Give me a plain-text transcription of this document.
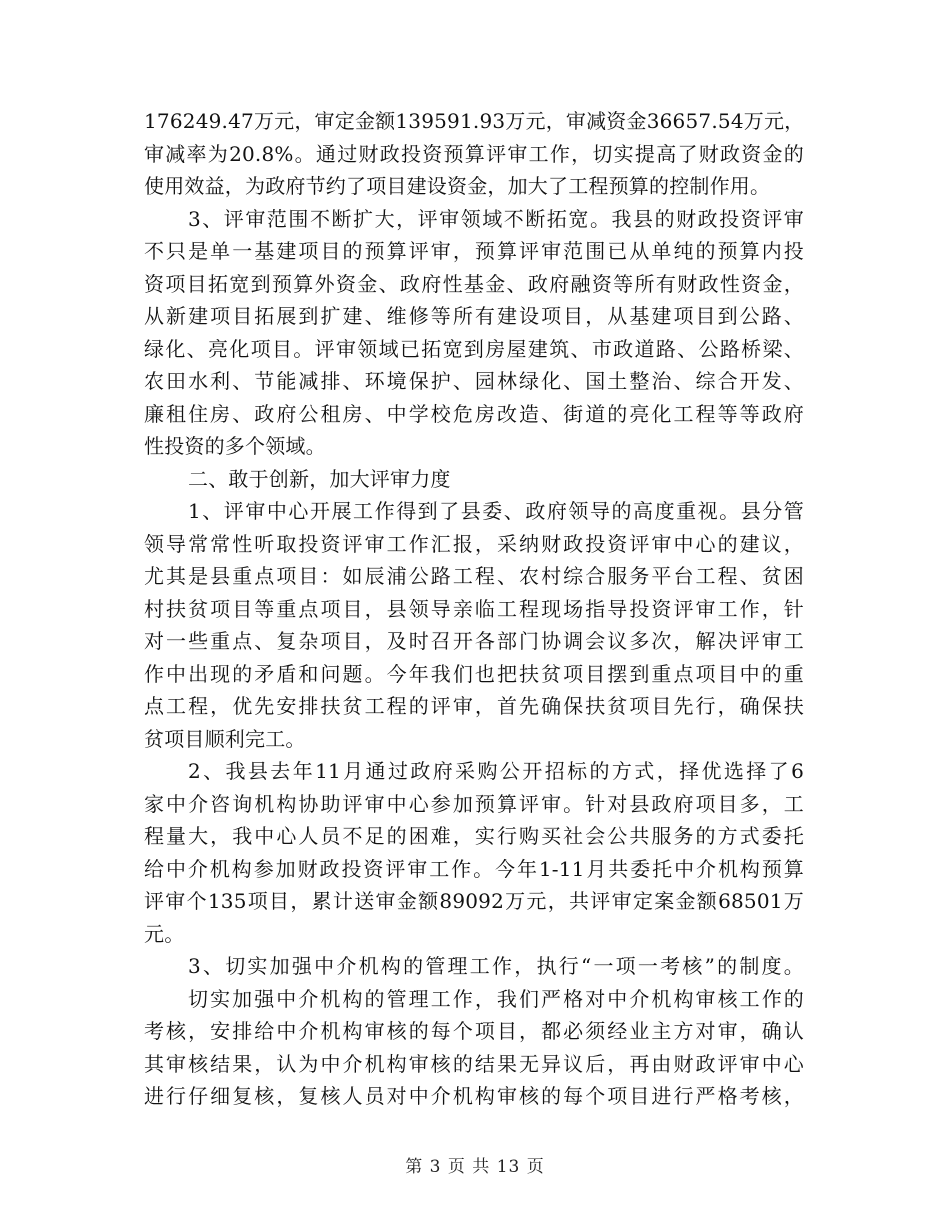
176249.47万元，审定金额139591.93万元，审减资金36657.54万元，
审减率为20.8%。通过财政投资预算评审工作，切实提高了财政资金的
使用效益，为政府节约了项目建设资金，加大了工程预算的控制作用。
3、评审范围不断扩大，评审领域不断拓宽。我县的财政投资评审
不只是单一基建项目的预算评审，预算评审范围已从单纯的预算内投
资项目拓宽到预算外资金、政府性基金、政府融资等所有财政性资金，
从新建项目拓展到扩建、维修等所有建设项目，从基建项目到公路、
绿化、亮化项目。评审领域已拓宽到房屋建筑、市政道路、公路桥梁、
农田水利、节能减排、环境保护、园林绿化、国土整治、综合开发、
廉租住房、政府公租房、中学校危房改造、街道的亮化工程等等政府
性投资的多个领域。
二、敢于创新，加大评审力度
1、评审中心开展工作得到了县委、政府领导的高度重视。县分管
领导常常性听取投资评审工作汇报，采纳财政投资评审中心的建议，
尤其是县重点项目：如辰浦公路工程、农村综合服务平台工程、贫困
村扶贫项目等重点项目，县领导亲临工程现场指导投资评审工作，针
对一些重点、复杂项目，及时召开各部门协调会议多次，解决评审工
作中出现的矛盾和问题。今年我们也把扶贫项目摆到重点项目中的重
点工程，优先安排扶贫工程的评审，首先确保扶贫项目先行，确保扶
贫项目顺利完工。
2、我县去年11月通过政府采购公开招标的方式，择优选择了6
家中介咨询机构协助评审中心参加预算评审。针对县政府项目多，工
程量大，我中心人员不足的困难，实行购买社会公共服务的方式委托
给中介机构参加财政投资评审工作。今年1-11月共委托中介机构预算
评审个135项目，累计送审金额89092万元，共评审定案金额68501万
元。
3、切实加强中介机构的管理工作，执行“一项一考核”的制度。
切实加强中介机构的管理工作，我们严格对中介机构审核工作的
考核，安排给中介机构审核的每个项目，都必须经业主方对审，确认
其审核结果，认为中介机构审核的结果无异议后，再由财政评审中心
进行仔细复核，复核人员对中介机构审核的每个项目进行严格考核，
第 3 页 共 13 页
